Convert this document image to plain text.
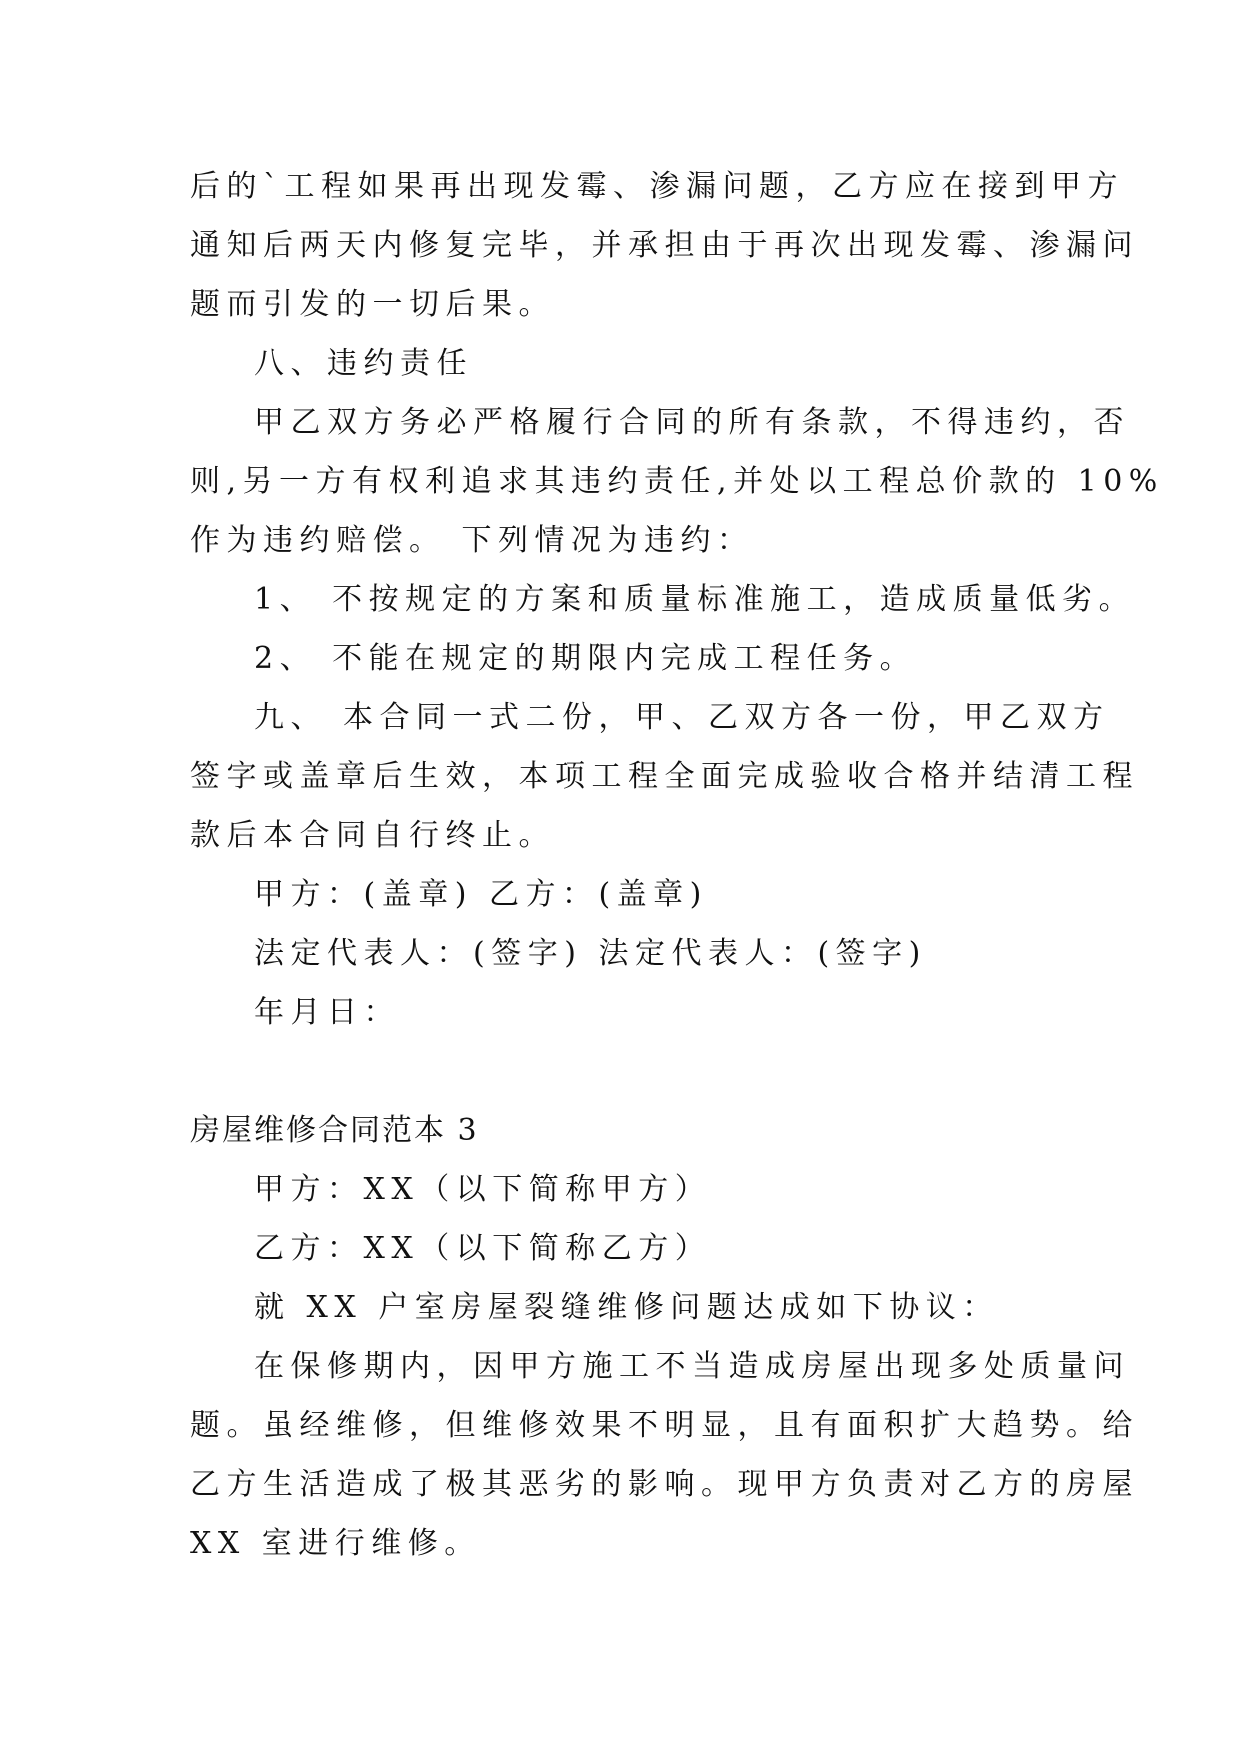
后的`工程如果再出现发霉、渗漏问题，乙方应在接到甲方

通知后两天内修复完毕，并承担由于再次出现发霉、渗漏问

题而引发的一切后果。

八、违约责任

甲乙双方务必严格履行合同的所有条款，不得违约，否

则,另一方有权利追求其违约责任,并处以工程总价款的 10%

作为违约赔偿。 下列情况为违约：

1、 不按规定的方案和质量标准施工，造成质量低劣。

2、 不能在规定的期限内完成工程任务。

九、 本合同一式二份，甲、乙双方各一份，甲乙双方

签字或盖章后生效，本项工程全面完成验收合格并结清工程

款后本合同自行终止。

甲方：(盖章) 乙方：(盖章)

法定代表人：(签字) 法定代表人：(签字)

年月日：

房屋维修合同范本 3

甲方：XX（以下简称甲方）

乙方：XX（以下简称乙方）

就 XX 户室房屋裂缝维修问题达成如下协议：

在保修期内，因甲方施工不当造成房屋出现多处质量问

题。虽经维修，但维修效果不明显，且有面积扩大趋势。给

乙方生活造成了极其恶劣的影响。现甲方负责对乙方的房屋

XX 室进行维修。
